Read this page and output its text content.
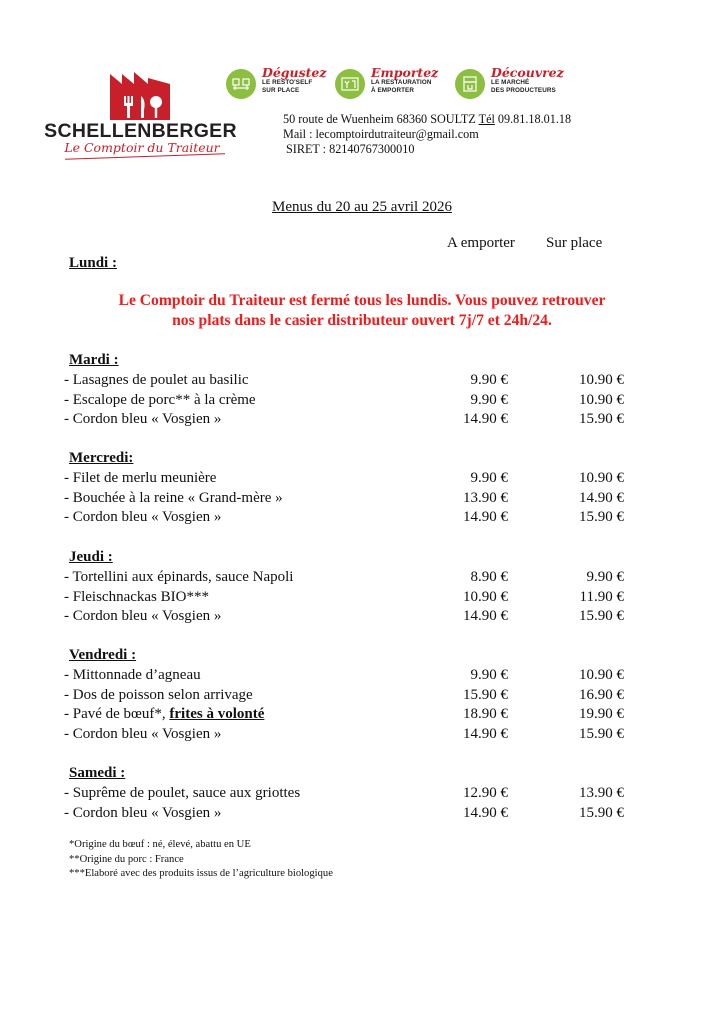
SCHELLENBERGER
Le Comptoir du Traiteur
Dégustez
LE RESTO'SELF
SUR PLACE
Emportez
LA RESTAURATION
À EMPORTER
Découvrez
LE MARCHÉ
DES PRODUCTEURS
50 route de Wuenheim 68360 SOULTZ Tél 09.81.18.01.18
Mail : lecomptoirdutraiteur@gmail.com
SIRET : 82140767300010
Menus du 20 au 25 avril 2026
A emporter Sur place
Lundi :
Le Comptoir du Traiteur est fermé tous les lundis. Vous pouvez retrouver
nos plats dans le casier distributeur ouvert 7j/7 et 24h/24.
Mardi :
- Lasagnes de poulet au basilic	9.90 €	10.90 €
- Escalope de porc** à la crème	9.90 €	10.90 €
- Cordon bleu « Vosgien »	14.90 €	15.90 €
Mercredi:
- Filet de merlu meunière	9.90 €	10.90 €
- Bouchée à la reine « Grand-mère »	13.90 €	14.90 €
- Cordon bleu « Vosgien »	14.90 €	15.90 €
Jeudi :
- Tortellini aux épinards, sauce Napoli	8.90 €	9.90 €
- Fleischnackas BIO***	10.90 €	11.90 €
- Cordon bleu « Vosgien »	14.90 €	15.90 €
Vendredi :
- Mittonnade d’agneau	9.90 €	10.90 €
- Dos de poisson selon arrivage	15.90 €	16.90 €
- Pavé de bœuf*, frites à volonté	18.90 €	19.90 €
- Cordon bleu « Vosgien »	14.90 €	15.90 €
Samedi :
- Suprême de poulet, sauce aux griottes	12.90 €	13.90 €
- Cordon bleu « Vosgien »	14.90 €	15.90 €
*Origine du bœuf : né, élevé, abattu en UE
**Origine du porc : France
***Elaboré avec des produits issus de l’agriculture biologique
